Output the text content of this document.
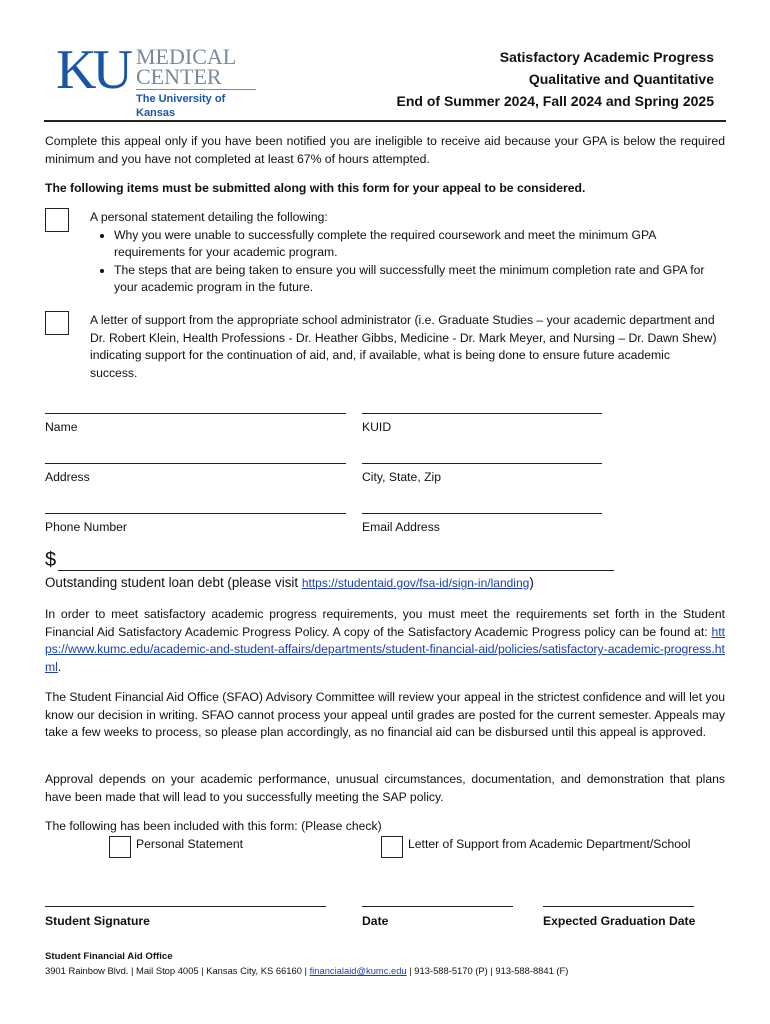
KU MEDICAL
CENTER
The University of Kansas
Satisfactory Academic Progress
Qualitative and Quantitative
End of Summer 2024, Fall 2024 and Spring 2025
Complete this appeal only if you have been notified you are ineligible to receive aid because your GPA is below the required minimum and you have not completed at least 67% of hours attempted.
The following items must be submitted along with this form for your appeal to be considered.
A personal statement detailing the following:
• Why you were unable to successfully complete the required coursework and meet the minimum GPA requirements for your academic program.
• The steps that are being taken to ensure you will successfully meet the minimum completion rate and GPA for your academic program in the future.
A letter of support from the appropriate school administrator (i.e. Graduate Studies – your academic department and Dr. Robert Klein, Health Professions - Dr. Heather Gibbs, Medicine - Dr. Mark Meyer, and Nursing – Dr. Dawn Shew) indicating support for the continuation of aid, and, if available, what is being done to ensure future academic success.
Name	KUID
Address	City, State, Zip
Phone Number	Email Address
$
Outstanding student loan debt (please visit https://studentaid.gov/fsa-id/sign-in/landing)
In order to meet satisfactory academic progress requirements, you must meet the requirements set forth in the Student Financial Aid Satisfactory Academic Progress Policy. A copy of the Satisfactory Academic Progress policy can be found at: https://www.kumc.edu/academic-and-student-affairs/departments/student-financial-aid/policies/satisfactory-academic-progress.html.
The Student Financial Aid Office (SFAO) Advisory Committee will review your appeal in the strictest confidence and will let you know our decision in writing. SFAO cannot process your appeal until grades are posted for the current semester. Appeals may take a few weeks to process, so please plan accordingly, as no financial aid can be disbursed until this appeal is approved.
Approval depends on your academic performance, unusual circumstances, documentation, and demonstration that plans have been made that will lead to you successfully meeting the SAP policy.
The following has been included with this form: (Please check)
Personal Statement	Letter of Support from Academic Department/School
Student Signature	Date	Expected Graduation Date
Student Financial Aid Office
3901 Rainbow Blvd. | Mail Stop 4005 | Kansas City, KS 66160 | financialaid@kumc.edu | 913-588-5170 (P) | 913-588-8841 (F)
